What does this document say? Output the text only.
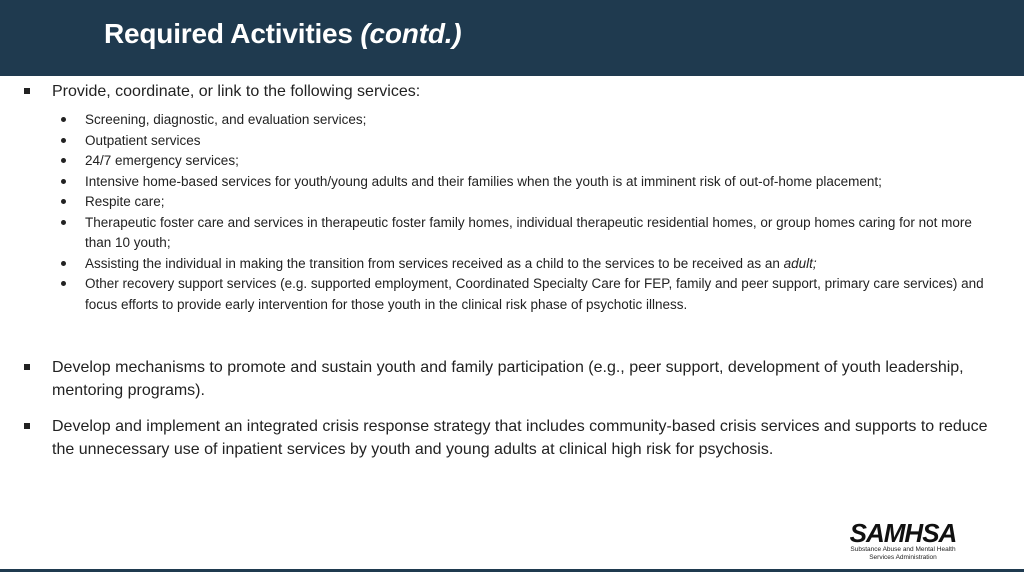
Required Activities (contd.)
Provide, coordinate, or link to the following services:
Screening, diagnostic, and evaluation services;
Outpatient services
24/7 emergency services;
Intensive home-based services for youth/young adults and their families when the youth is at imminent risk of out-of-home placement;
Respite care;
Therapeutic foster care and services in therapeutic foster family homes, individual therapeutic residential homes, or group homes caring for not more than 10 youth;
Assisting the individual in making the transition from services received as a child to the services to be received as an adult;
Other recovery support services (e.g. supported employment, Coordinated Specialty Care for FEP, family and peer support, primary care services) and focus efforts to provide early intervention for those youth in the clinical risk phase of psychotic illness.
Develop mechanisms to promote and sustain youth and family participation (e.g., peer support, development of youth leadership, mentoring programs).
Develop and implement an integrated crisis response strategy that includes community-based crisis services and supports to reduce the unnecessary use of inpatient services by youth and young adults at clinical high risk for psychosis.
SAMHSA
Substance Abuse and Mental Health
Services Administration
